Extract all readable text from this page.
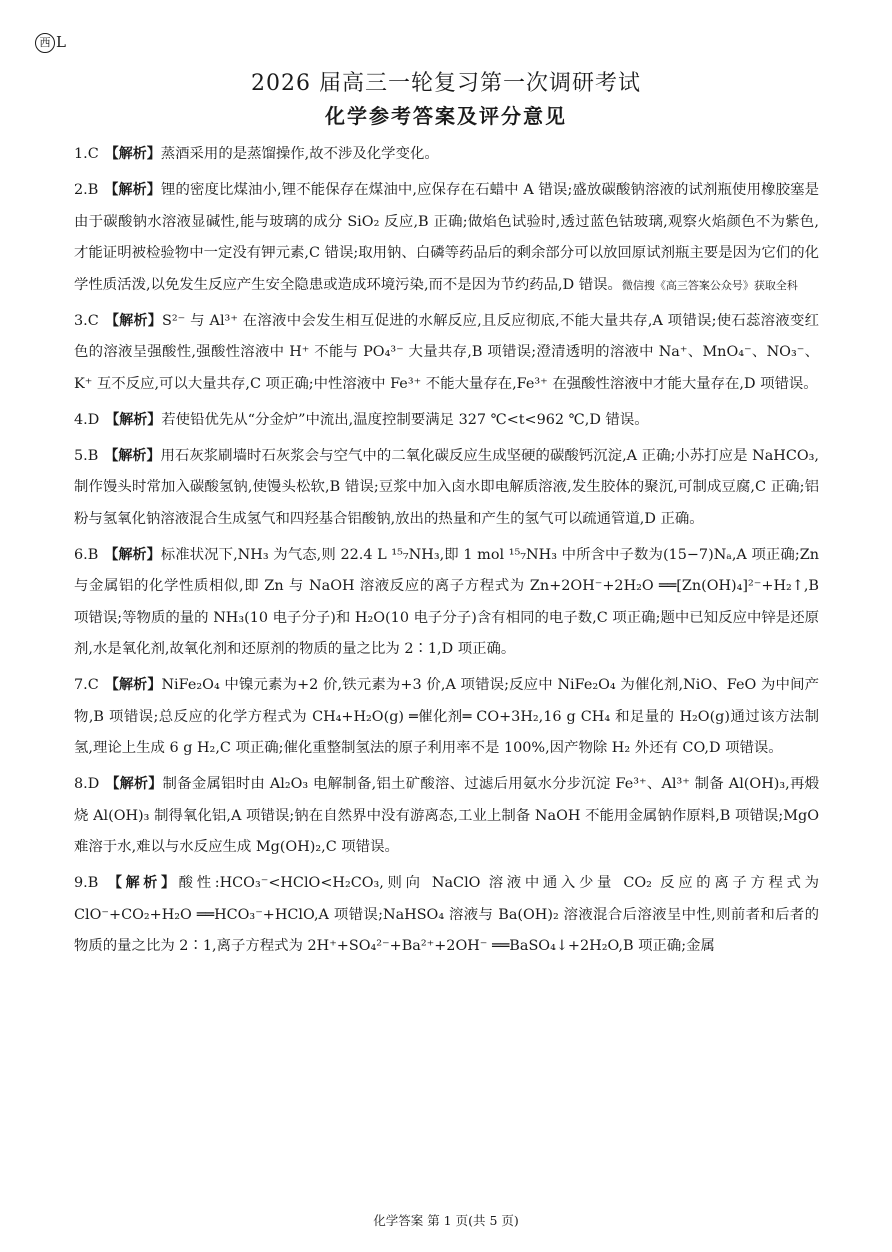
西 L
2026 届高三一轮复习第一次调研考试
化学参考答案及评分意见
1.C 【解析】蒸酒采用的是蒸馏操作,故不涉及化学变化。
2.B 【解析】锂的密度比煤油小,锂不能保存在煤油中,应保存在石蜡中 A 错误;盛放碳酸钠溶液的试剂瓶使用橡胶塞是由于碳酸钠水溶液显碱性,能与玻璃的成分 SiO₂ 反应,B 正确;做焰色试验时,透过蓝色钴玻璃,观察火焰颜色不为紫色,才能证明被检验物中一定没有钾元素,C 错误;取用钠、白磷等药品后的剩余部分可以放回原试剂瓶主要是因为它们的化学性质活泼,以免发生反应产生安全隐患或造成环境污染,而不是因为节约药品,D 错误。微信搜《高三答案公众号》获取全科
3.C 【解析】S²⁻ 与 Al³⁺ 在溶液中会发生相互促进的水解反应,且反应彻底,不能大量共存,A 项错误;使石蕊溶液变红色的溶液呈强酸性,强酸性溶液中 H⁺ 不能与 PO₄³⁻ 大量共存,B 项错误;澄清透明的溶液中 Na⁺、MnO₄⁻、NO₃⁻、K⁺ 互不反应,可以大量共存,C 项正确;中性溶液中 Fe³⁺ 不能大量存在,Fe³⁺ 在强酸性溶液中才能大量存在,D 项错误。
4.D 【解析】若使铅优先从“分金炉”中流出,温度控制要满足 327 ℃<t<962 ℃,D 错误。
5.B 【解析】用石灰浆刷墙时石灰浆会与空气中的二氧化碳反应生成坚硬的碳酸钙沉淀,A 正确;小苏打应是 NaHCO₃,制作馒头时常加入碳酸氢钠,使馒头松软,B 错误;豆浆中加入卤水即电解质溶液,发生胶体的聚沉,可制成豆腐,C 正确;铝粉与氢氧化钠溶液混合生成氢气和四羟基合铝酸钠,放出的热量和产生的氢气可以疏通管道,D 正确。
6.B 【解析】标准状况下,NH₃ 为气态,则 22.4 L ¹⁵₇NH₃,即 1 mol ¹⁵₇NH₃ 中所含中子数为(15−7)Nₐ,A 项正确;Zn 与金属铝的化学性质相似,即 Zn 与 NaOH 溶液反应的离子方程式为 Zn+2OH⁻+2H₂O ══[Zn(OH)₄]²⁻+H₂↑,B 项错误;等物质的量的 NH₃(10 电子分子)和 H₂O(10 电子分子)含有相同的电子数,C 项正确;题中已知反应中锌是还原剂,水是氧化剂,故氧化剂和还原剂的物质的量之比为 2∶1,D 项正确。
7.C 【解析】NiFe₂O₄ 中镍元素为+2 价,铁元素为+3 价,A 项错误;反应中 NiFe₂O₄ 为催化剂,NiO、FeO 为中间产物,B 项错误;总反应的化学方程式为 CH₄+H₂O(g) ═催化剂═ CO+3H₂,16 g CH₄ 和足量的 H₂O(g)通过该方法制氢,理论上生成 6 g H₂,C 项正确;催化重整制氢法的原子利用率不是 100%,因产物除 H₂ 外还有 CO,D 项错误。
8.D 【解析】制备金属铝时由 Al₂O₃ 电解制备,铝土矿酸溶、过滤后用氨水分步沉淀 Fe³⁺、Al³⁺ 制备 Al(OH)₃,再煅烧 Al(OH)₃ 制得氧化铝,A 项错误;钠在自然界中没有游离态,工业上制备 NaOH 不能用金属钠作原料,B 项错误;MgO 难溶于水,难以与水反应生成 Mg(OH)₂,C 项错误。
9.B 【解析】酸性:HCO₃⁻<HClO<H₂CO₃,则向 NaClO 溶液中通入少量 CO₂ 反应的离子方程式为 ClO⁻+CO₂+H₂O ══HCO₃⁻+HClO,A 项错误;NaHSO₄ 溶液与 Ba(OH)₂ 溶液混合后溶液呈中性,则前者和后者的物质的量之比为 2∶1,离子方程式为 2H⁺+SO₄²⁻+Ba²⁺+2OH⁻ ══BaSO₄↓+2H₂O,B 项正确;金属
化学答案 第 1 页(共 5 页)
